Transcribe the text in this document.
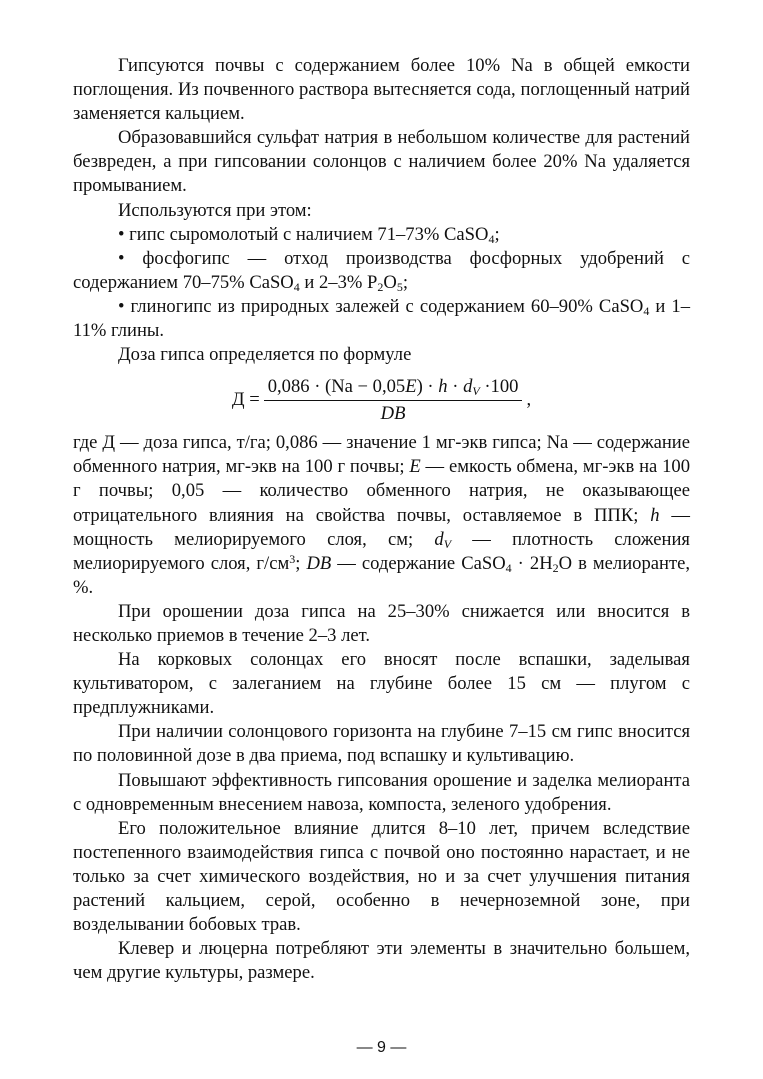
Гипсуются почвы с содержанием более 10% Na в общей емкости поглощения. Из почвенного раствора вытесняется сода, поглощенный натрий заменяется кальцием.

Образовавшийся сульфат натрия в небольшом количестве для растений безвреден, а при гипсовании солонцов с наличием более 20% Na удаляется промыванием.

Используются при этом:

• гипс сыромолотый с наличием 71–73% CaSO$_4$;

• фосфогипс — отход производства фосфорных удобрений с содержанием 70–75% CaSO$_4$ и 2–3% $P_2O_5$;

• глиногипс из природных залежей с содержанием 60–90% CaSO$_4$ и 1–11% глины.

Доза гипса определяется по формуле

$Д = \frac{0,086 \cdot (Na - 0,05E) \cdot h \cdot d_V \cdot 100}{DB}$ ,

где Д — доза гипса, т/га; 0,086 — значение 1 мг-экв гипса; Na — содержание обменного натрия, мг-экв на 100 г почвы; E — емкость обмена, мг-экв на 100 г почвы; 0,05 — количество обменного натрия, не оказывающее отрицательного влияния на свойства почвы, оставляемое в ППК; h — мощность мелиорируемого слоя, см; $d_V$ — плотность сложения мелиорируемого слоя, $г/см^3$; DB — содержание CaSO$_4$ · $2H_2O$ в мелиоранте, %.

При орошении доза гипса на 25–30% снижается или вносится в несколько приемов в течение 2–3 лет.

На корковых солонцах его вносят после вспашки, заделывая культиватором, с залеганием на глубине более 15 см — плугом с предплужниками.

При наличии солонцового горизонта на глубине 7–15 см гипс вносится по половинной дозе в два приема, под вспашку и культивацию.

Повышают эффективность гипсования орошение и заделка мелиоранта с одновременным внесением навоза, компоста, зеленого удобрения.

Его положительное влияние длится 8–10 лет, причем вследствие постепенного взаимодействия гипса с почвой оно постоянно нарастает, и не только за счет химического воздействия, но и за счет улучшения питания растений кальцием, серой, особенно в нечерноземной зоне, при возделывании бобовых трав.

Клевер и люцерна потребляют эти элементы в значительно большем, чем другие культуры, размере.

— 9 —
